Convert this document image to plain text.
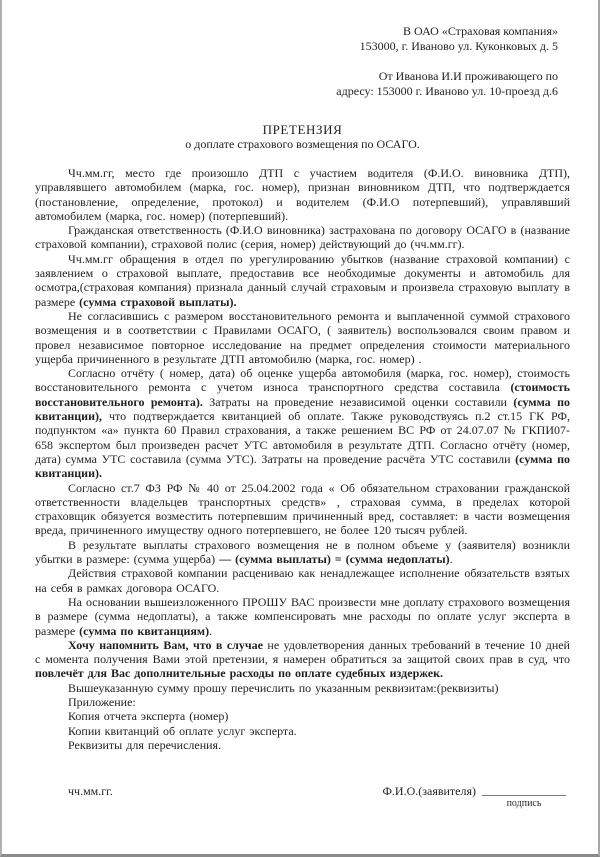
В ОАО «Страховая компания»
153000, г. Иваново ул. Куконковых д. 5
От Иванова И.И проживающего по
адресу: 153000 г. Иваново ул. 10-проезд д.6
ПРЕТЕНЗИЯ
о доплате страхового возмещения по ОСАГО.

Чч.мм.гг, место где произошло ДТП с участием водителя (Ф.И.О. виновника ДТП), управлявшего автомобилем (марка, гос. номер), признан виновником ДТП, что подтверждается (постановление, определение, протокол) и водителем (Ф.И.О потерпевший), управлявший автомобилем (марка, гос. номер) (потерпевший).

Гражданская ответственность (Ф.И.О виновника) застрахована по договору ОСАГО в (название страховой компании), страховой полис (серия, номер) действующий до (чч.мм.гг).

Чч.мм.гг обращения в отдел по урегулированию убытков (название страховой компании) с заявлением о страховой выплате, предоставив все необходимые документы и автомобиль для осмотра,(страховая компания) признала данный случай страховым и произвела страховую выплату в размере (сумма страховой выплаты).

Не согласившись с размером восстановительного ремонта и выплаченной суммой страхового возмещения и в соответствии с Правилами ОСАГО, ( заявитель) воспользовался своим правом и провел независимое повторное исследование на предмет определения стоимости материального ущерба причиненного в результате ДТП автомобилю (марка, гос. номер) .

Согласно отчёту ( номер, дата) об оценке ущерба автомобиля (марка, гос. номер), стоимость восстановительного ремонта с учетом износа транспортного средства составила (стоимость восстановительного ремонта). Затраты на проведение независимой оценки составили (сумма по квитанции), что подтверждается квитанцией об оплате. Также руководствуясь п.2 ст.15 ГК РФ, подпунктом «а» пункта 60 Правил страхования, а также решением ВС РФ от 24.07.07 № ГКПИ07-658 экспертом был произведен расчет УТС автомобиля в результате ДТП. Согласно отчёту (номер, дата) сумма УТС составила (сумма УТС). Затраты на проведение расчёта УТС составили (сумма по квитанции).

Согласно ст.7 ФЗ РФ № 40 от 25.04.2002 года « Об обязательном страховании гражданской ответственности владельцев транспортных средств» , страховая сумма, в пределах которой страховщик обязуется возместить потерпевшим причиненный вред, составляет: в части возмещения вреда, причиненного имуществу одного потерпевшего, не более 120 тысяч рублей.

В результате выплаты страхового возмещения не в полном объеме у (заявителя) возникли убытки в размере: (сумма ущерба) — (сумма выплаты) = (сумма недоплаты).

Действия страховой компании расцениваю как ненадлежащее исполнение обязательств взятых на себя в рамках договора ОСАГО.

На основании вышеизложенного ПРОШУ ВАС произвести мне доплату страхового возмещения в размере (сумма недоплаты), а также компенсировать мне расходы по оплате услуг эксперта в размере (сумма по квитанциям).

Хочу напомнить Вам, что в случае не удовлетворения данных требований в течение 10 дней с момента получения Вами этой претензии, я намерен обратиться за защитой своих прав в суд, что повлечёт для Вас дополнительные расходы по оплате судебных издержек.

Вышеуказанную сумму прошу перечислить по указанным реквизитам:(реквизиты)

Приложение:

Копия отчета эксперта (номер)

Копии квитанций об оплате услуг эксперта.

Реквизиты для перечисления.

чч.мм.гг.	Ф.И.О.(заявителя) ______________
подпись
